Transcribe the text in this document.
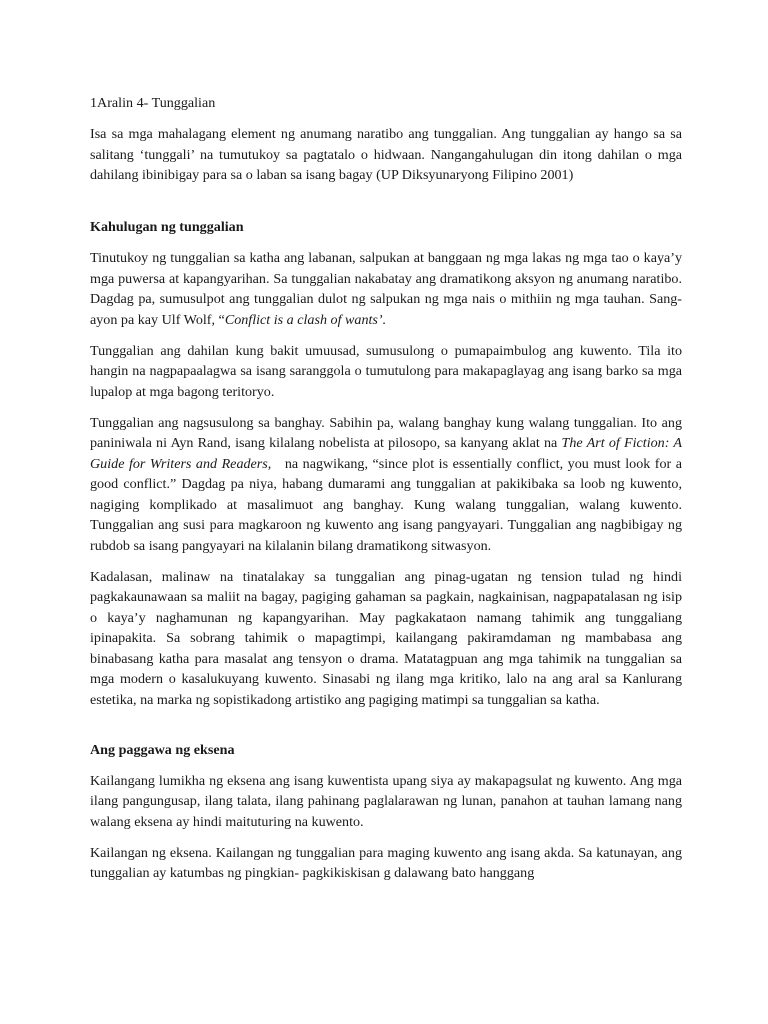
1Aralin 4- Tunggalian

Isa sa mga mahalagang element ng anumang naratibo ang tunggalian. Ang tunggalian ay hango sa sa salitang ‘tunggali’ na tumutukoy sa pagtatalo o hidwaan. Nangangahulugan din itong dahilan o mga dahilang ibinibigay para sa o laban sa isang bagay (UP Diksyunaryong Filipino 2001)

Kahulugan ng tunggalian

Tinutukoy ng tunggalian sa katha ang labanan, salpukan at banggaan ng mga lakas ng mga tao o kaya’y mga puwersa at kapangyarihan. Sa tunggalian nakabatay ang dramatikong aksyon ng anumang naratibo. Dagdag pa, sumusulpot ang tunggalian dulot ng salpukan ng mga nais o mithiin ng mga tauhan. Sang-ayon pa kay Ulf Wolf, “Conflict is a clash of wants’.

Tunggalian ang dahilan kung bakit umuusad, sumusulong o pumapaimbulog ang kuwento. Tila ito hangin na nagpapaalagwa sa isang saranggola o tumutulong para makapaglayag ang isang barko sa mga lupalop at mga bagong teritoryo.

Tunggalian ang nagsusulong sa banghay. Sabihin pa, walang banghay kung walang tunggalian. Ito ang paniniwala ni Ayn Rand, isang kilalang nobelista at pilosopo, sa kanyang aklat na The Art of Fiction: A Guide for Writers and Readers,   na nagwikang, “since plot is essentially conflict, you must look for a good conflict.” Dagdag pa niya, habang dumarami ang tunggalian at pakikibaka sa loob ng kuwento, nagiging komplikado at masalimuot ang banghay. Kung walang tunggalian, walang kuwento. Tunggalian ang susi para magkaroon ng kuwento ang isang pangyayari. Tunggalian ang nagbibigay ng rubdob sa isang pangyayari na kilalanin bilang dramatikong sitwasyon.

Kadalasan, malinaw na tinatalakay sa tunggalian ang pinag-ugatan ng tension tulad ng hindi pagkakaunawaan sa maliit na bagay, pagiging gahaman sa pagkain, nagkainisan, nagpapatalasan ng isip o kaya’y naghamunan ng kapangyarihan. May pagkakataon namang tahimik ang tunggaliang ipinapakita. Sa sobrang tahimik o mapagtimpi, kailangang pakiramdaman ng mambabasa ang binabasang katha para masalat ang tensyon o drama. Matatagpuan ang mga tahimik na tunggalian sa mga modern o kasalukuyang kuwento. Sinasabi ng ilang mga kritiko, lalo na ang aral sa Kanlurang estetika, na marka ng sopistikadong artistiko ang pagiging matimpi sa tunggalian sa katha.

Ang paggawa ng eksena

Kailangang lumikha ng eksena ang isang kuwentista upang siya ay makapagsulat ng kuwento. Ang mga ilang pangungusap, ilang talata, ilang pahinang paglalarawan ng lunan, panahon at tauhan lamang nang walang eksena ay hindi maituturing na kuwento.

Kailangan ng eksena. Kailangan ng tunggalian para maging kuwento ang isang akda. Sa katunayan, ang tunggalian ay katumbas ng pingkian- pagkikiskisan g dalawang bato hanggang
